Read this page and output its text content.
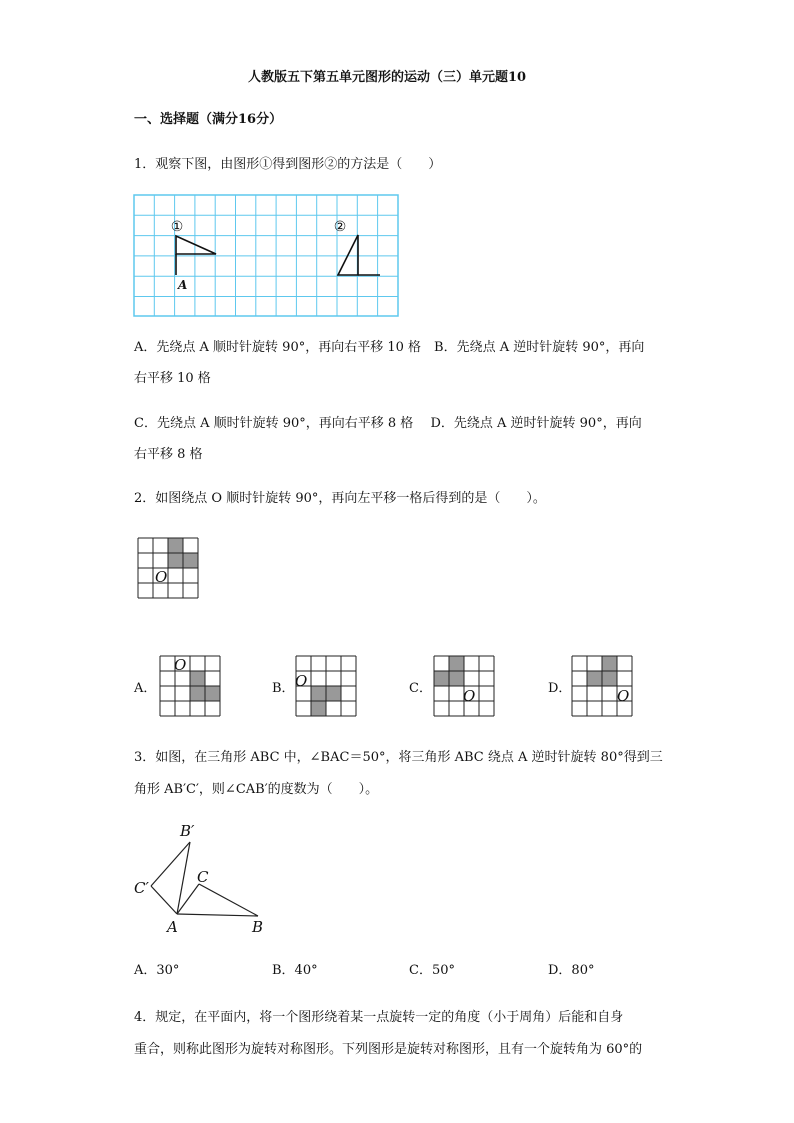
人教版五下第五单元图形的运动（三）单元题10
一、选择题（满分16分）
1．观察下图，由图形①得到图形②的方法是（　　）
①	②
A
A．先绕点 A 顺时针旋转 90°，再向右平移 10 格　B．先绕点 A 逆时针旋转 90°，再向
右平移 10 格
C．先绕点 A 顺时针旋转 90°，再向右平移 8 格　 D．先绕点 A 逆时针旋转 90°，再向
右平移 8 格
2．如图绕点 O 顺时针旋转 90°，再向左平移一格后得到的是（　　）。
O
A．
O
B． O	C． O	D．	O
3．如图，在三角形 ABC 中，∠BAC＝50°，将三角形 ABC 绕点 A 逆时针旋转 80°得到三
角形 AB′C′，则∠CAB′的度数为（　　）。
B′
C′
C
A	B
A．30°	B．40°	C．50°	D．80°
4．规定，在平面内，将一个图形绕着某一点旋转一定的角度（小于周角）后能和自身
重合，则称此图形为旋转对称图形。下列图形是旋转对称图形，且有一个旋转角为 60°的
